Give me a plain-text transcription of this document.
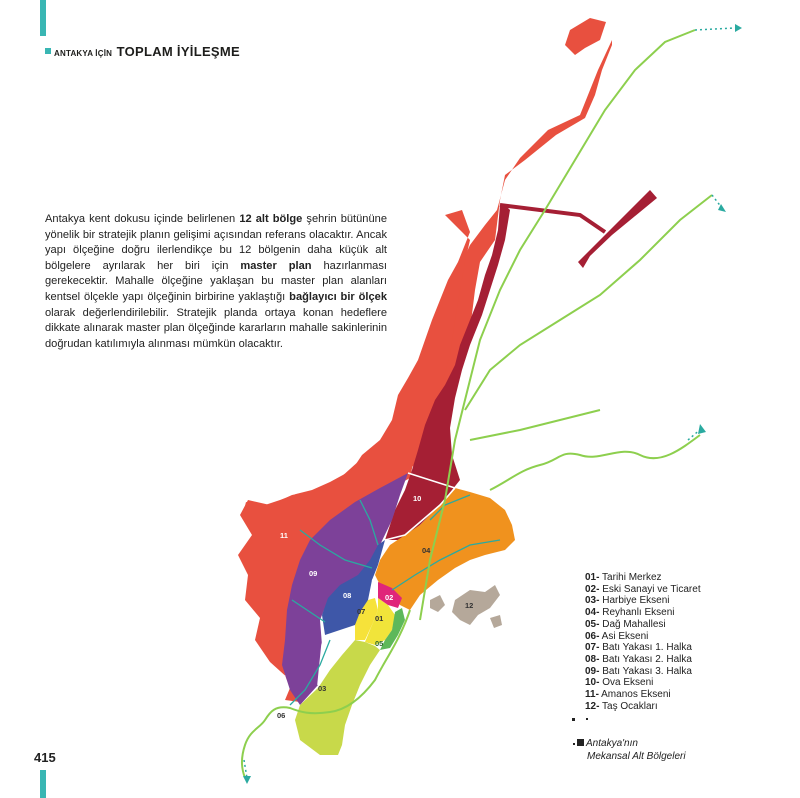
ANTAKYA İÇİN TOPLAM İYİLEŞME
Antakya kent dokusu içinde belirlenen 12 alt bölge şehrin bütününe yönelik bir stratejik planın gelişimi açısından referans olacaktır. Ancak yapı ölçeğine doğru ilerlendikçe bu 12 bölgenin daha küçük alt bölgelere ayrılarak her biri için master plan hazırlanması gerekecektir. Mahalle ölçeğine yaklaşan bu master plan alanları kentsel ölçekle yapı ölçeğinin birbirine yaklaştığı bağlayıcı bir ölçek olarak değerlendirilebilir. Stratejik planda ortaya konan hedeflere dikkate alınarak master plan ölçeğinde kararların mahalle sakinlerinin doğrudan katılımıyla alınması mümkün olacaktır.
01
02
03
04
05
06
07
08
09
10
11
12
01- Tarihi Merkez
02- Eski Sanayi ve Ticaret
03- Harbiye Ekseni
04- Reyhanlı Ekseni
05- Dağ Mahallesi
06- Asi Ekseni
07- Batı Yakası 1. Halka
08- Batı Yakası 2. Halka
09- Batı Yakası 3. Halka
10- Ova Ekseni
11- Amanos Ekseni
12- Taş Ocakları
Antakya'nın
Mekansal Alt Bölgeleri
415
